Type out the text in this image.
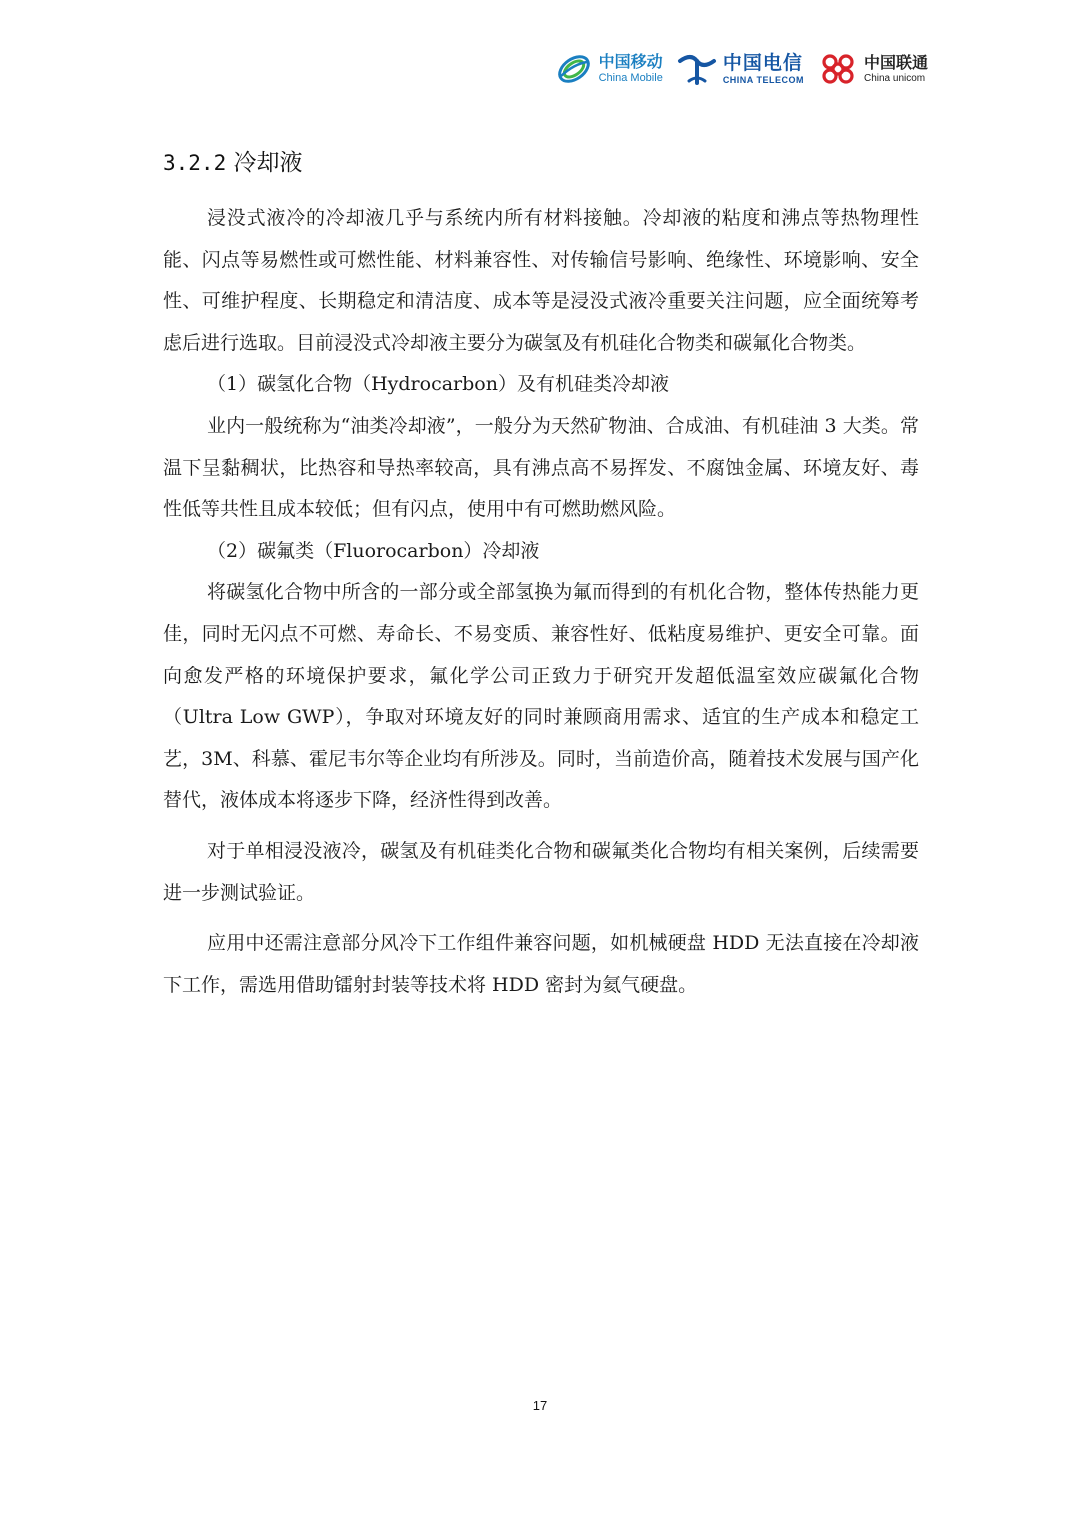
中国移动
China Mobile
中国电信
CHINA TELECOM
中国联通
China unicom
3.2.2 冷却液

浸没式液冷的冷却液几乎与系统内所有材料接触。冷却液的粘度和沸点等热物理性能、闪点等易燃性或可燃性能、材料兼容性、对传输信号影响、绝缘性、环境影响、安全性、可维护程度、长期稳定和清洁度、成本等是浸没式液冷重要关注问题，应全面统筹考虑后进行选取。目前浸没式冷却液主要分为碳氢及有机硅化合物类和碳氟化合物类。

（1）碳氢化合物（Hydrocarbon）及有机硅类冷却液

业内一般统称为“油类冷却液”，一般分为天然矿物油、合成油、有机硅油 3 大类。常温下呈黏稠状，比热容和导热率较高，具有沸点高不易挥发、不腐蚀金属、环境友好、毒性低等共性且成本较低；但有闪点，使用中有可燃助燃风险。

（2）碳氟类（Fluorocarbon）冷却液

将碳氢化合物中所含的一部分或全部氢换为氟而得到的有机化合物，整体传热能力更佳，同时无闪点不可燃、寿命长、不易变质、兼容性好、低粘度易维护、更安全可靠。面向愈发严格的环境保护要求，氟化学公司正致力于研究开发超低温室效应碳氟化合物（Ultra Low GWP），争取对环境友好的同时兼顾商用需求、适宜的生产成本和稳定工艺，3M、科慕、霍尼韦尔等企业均有所涉及。同时，当前造价高，随着技术发展与国产化替代，液体成本将逐步下降，经济性得到改善。

对于单相浸没液冷，碳氢及有机硅类化合物和碳氟类化合物均有相关案例，后续需要进一步测试验证。

应用中还需注意部分风冷下工作组件兼容问题，如机械硬盘 HDD 无法直接在冷却液下工作，需选用借助镭射封装等技术将 HDD 密封为氦气硬盘。

17
